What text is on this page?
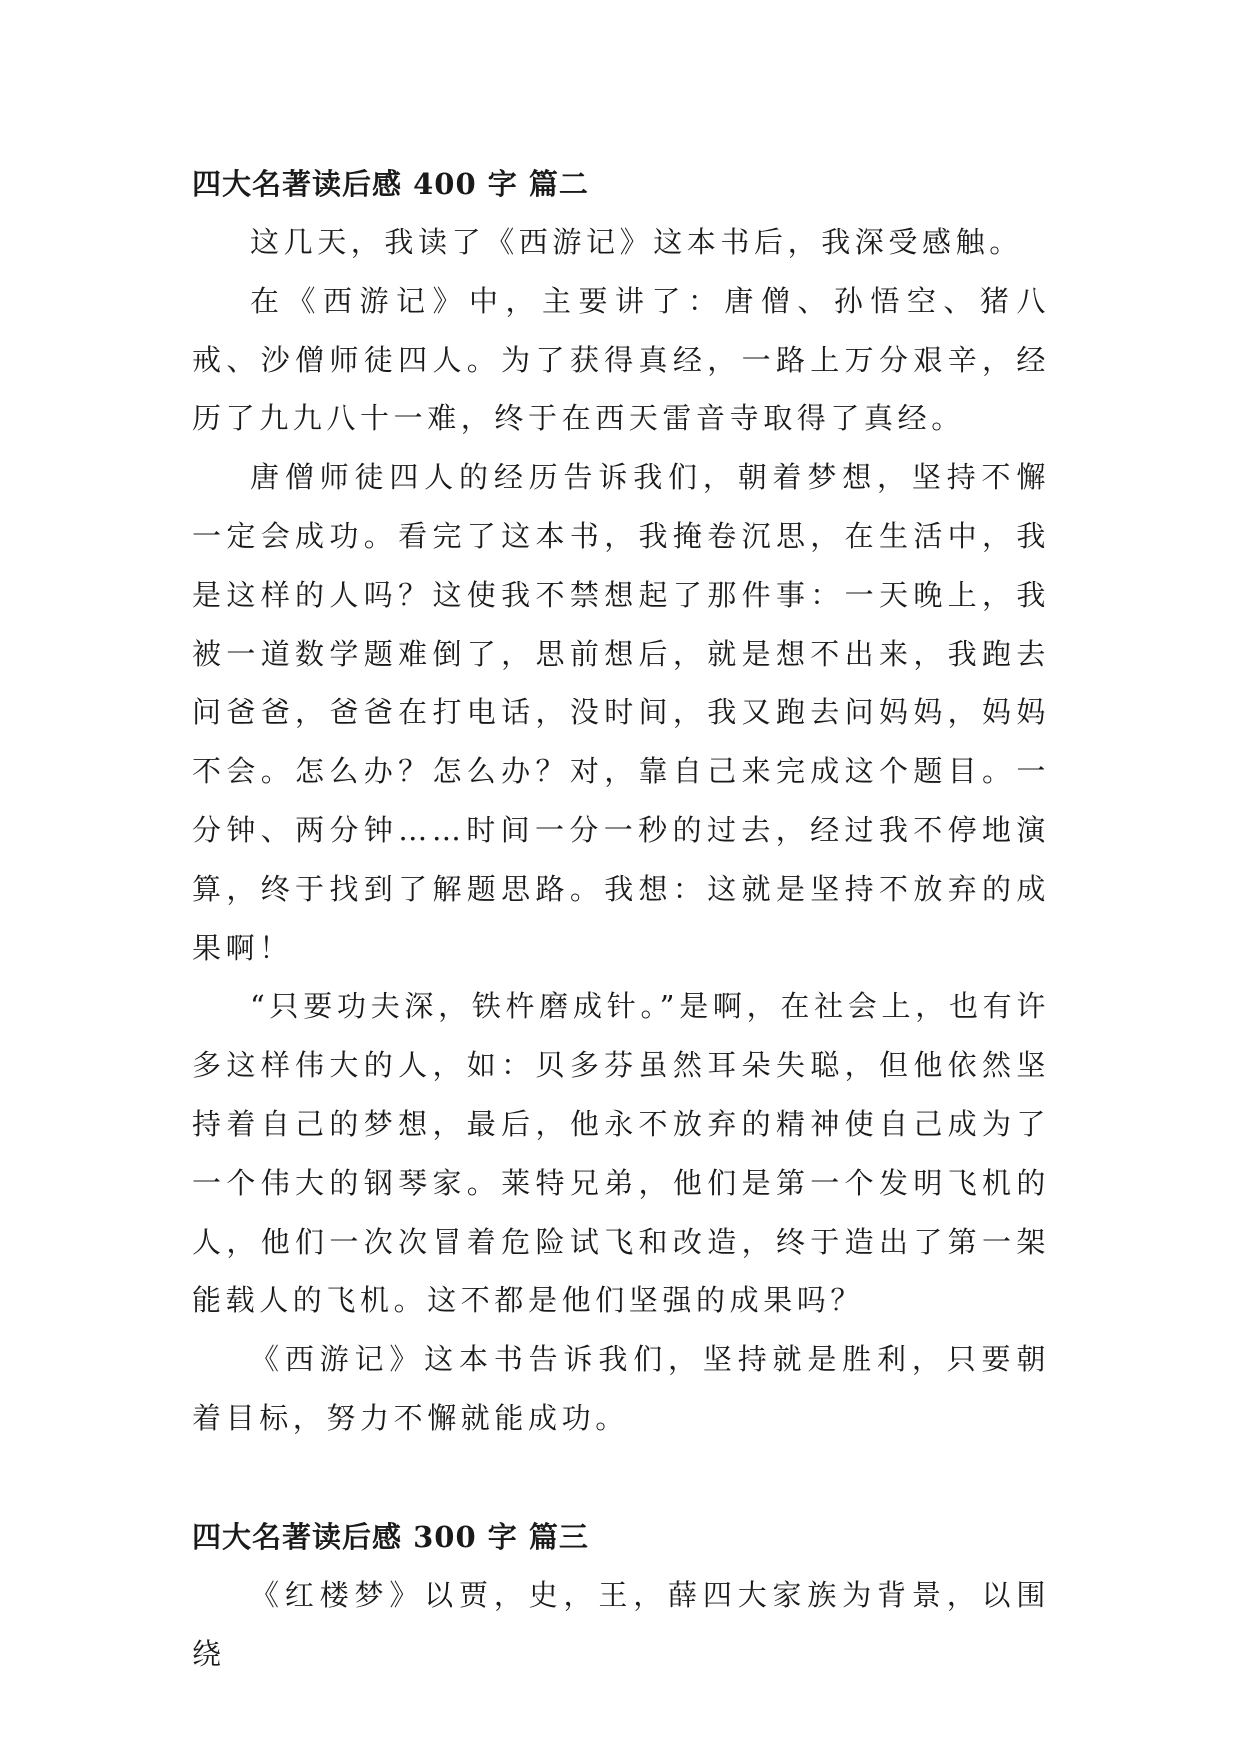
四大名著读后感 400 字 篇二

这几天，我读了《西游记》这本书后，我深受感触。

在《西游记》中，主要讲了：唐僧、孙悟空、猪八戒、沙僧师徒四人。为了获得真经，一路上万分艰辛，经历了九九八十一难，终于在西天雷音寺取得了真经。

唐僧师徒四人的经历告诉我们，朝着梦想，坚持不懈一定会成功。看完了这本书，我掩卷沉思，在生活中，我是这样的人吗？这使我不禁想起了那件事：一天晚上，我被一道数学题难倒了，思前想后，就是想不出来，我跑去问爸爸，爸爸在打电话，没时间，我又跑去问妈妈，妈妈不会。怎么办？怎么办？对，靠自己来完成这个题目。一分钟、两分钟……时间一分一秒的过去，经过我不停地演算，终于找到了解题思路。我想：这就是坚持不放弃的成果啊！

“只要功夫深，铁杵磨成针。”是啊，在社会上，也有许多这样伟大的人，如：贝多芬虽然耳朵失聪，但他依然坚持着自己的梦想，最后，他永不放弃的精神使自己成为了一个伟大的钢琴家。莱特兄弟，他们是第一个发明飞机的人，他们一次次冒着危险试飞和改造，终于造出了第一架能载人的飞机。这不都是他们坚强的成果吗？

《西游记》这本书告诉我们，坚持就是胜利，只要朝着目标，努力不懈就能成功。

四大名著读后感 300 字 篇三

《红楼梦》以贾，史，王，薛四大家族为背景，以围绕
